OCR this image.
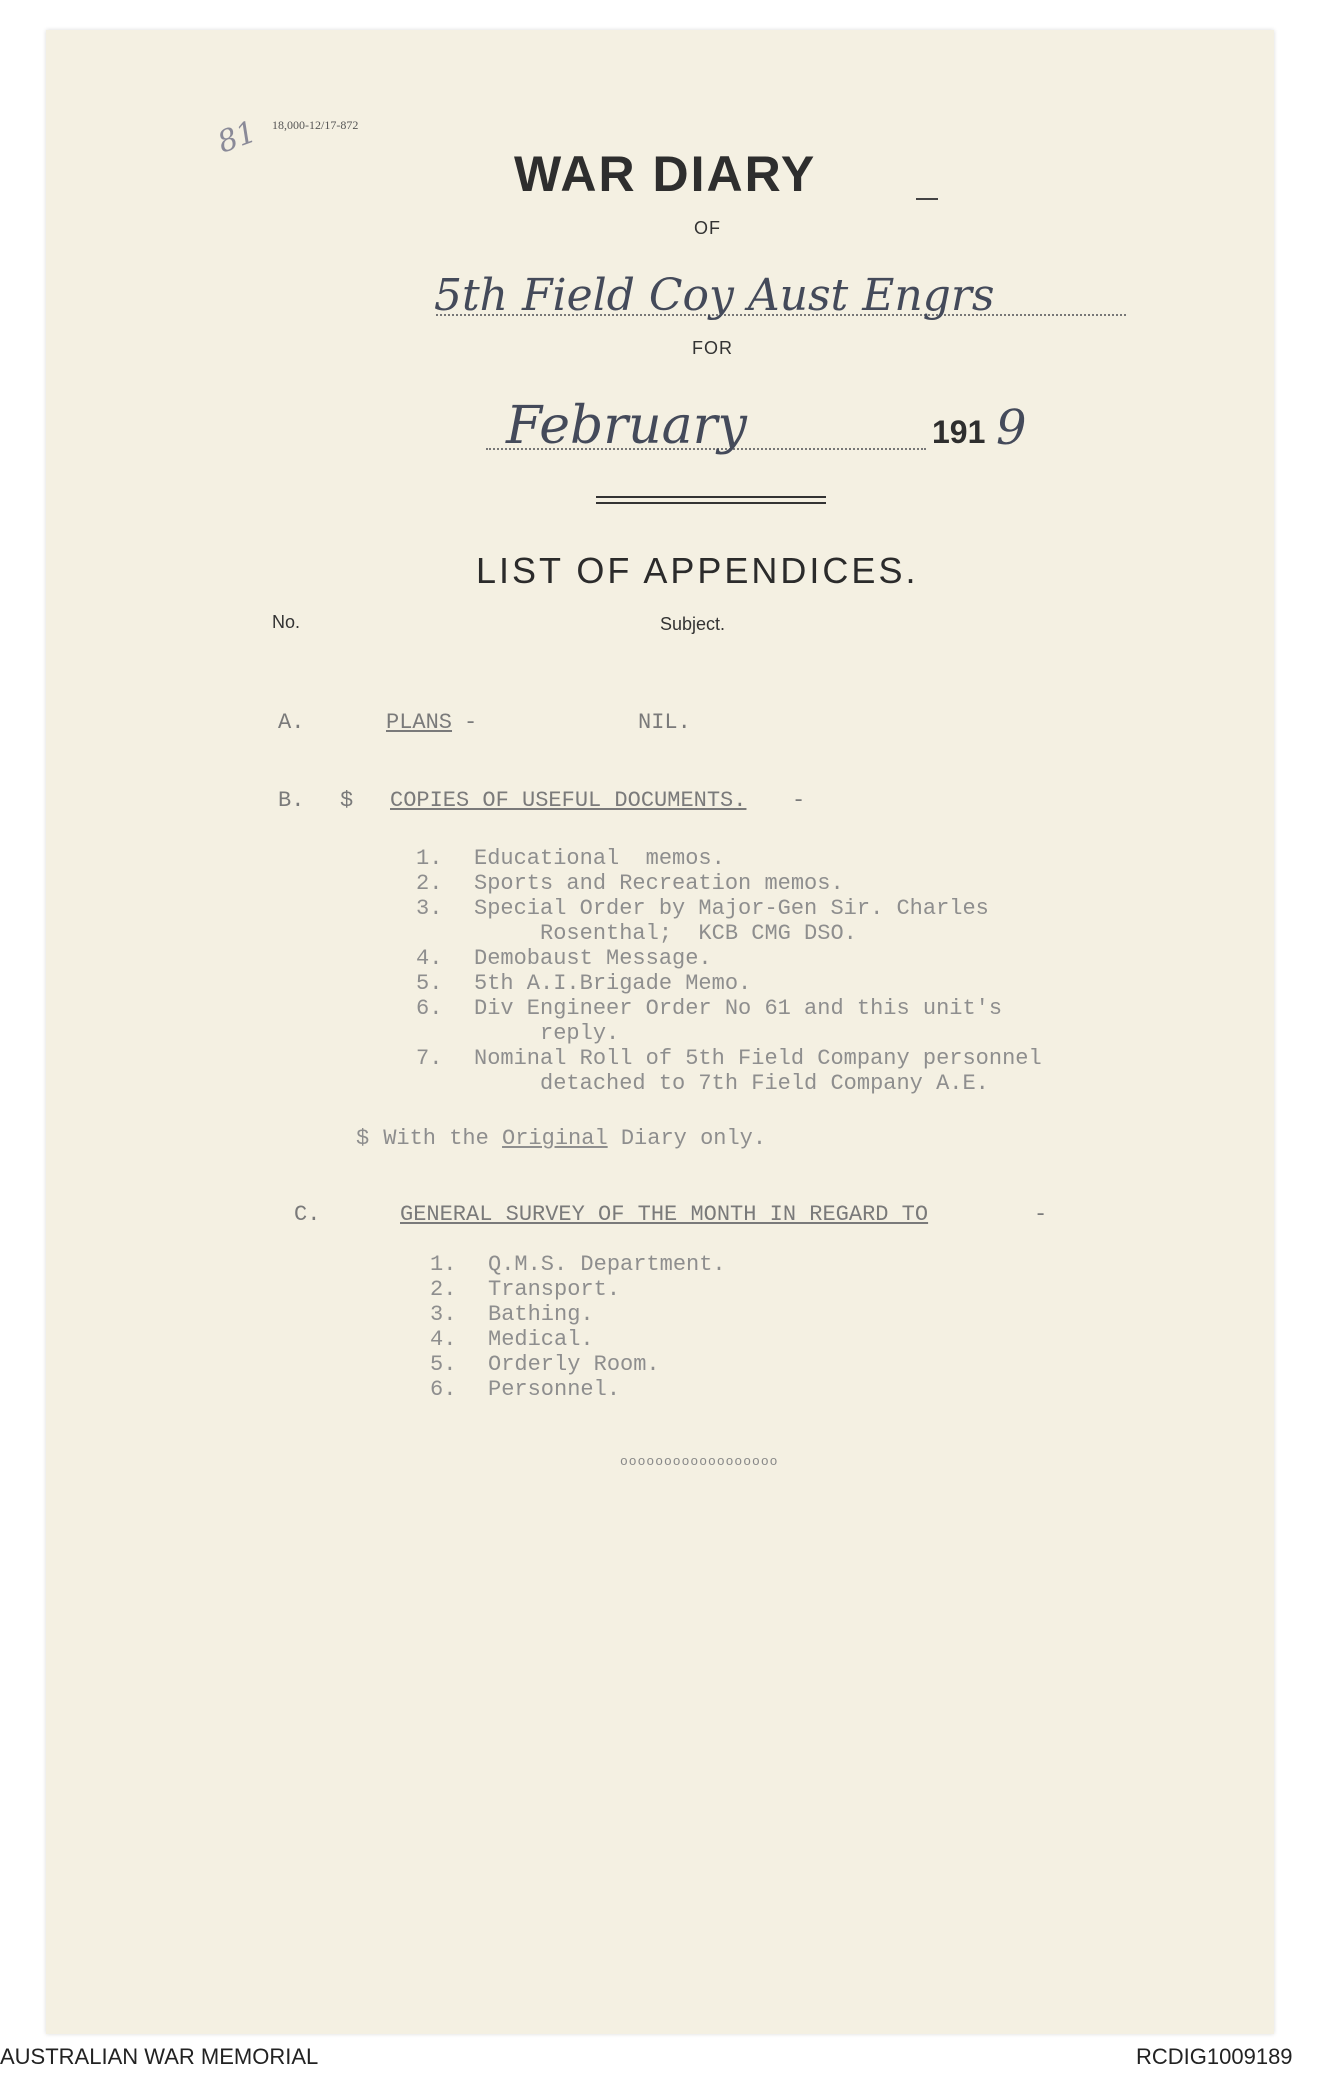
18,000-12/17-872
81
WAR DIARY
OF
5th Field Coy Aust Engrs
FOR
February	191 9
LIST OF APPENDICES.
No.	Subject.
A.	PLANS -	NIL.
B. $ COPIES OF USEFUL DOCUMENTS. -
1.	Educational  memos.
2.	Sports and Recreation memos.
3.	Special Order by Major-Gen Sir. Charles
Rosenthal;  KCB CMG DSO.
4.	Demobaust Message.
5.	5th A.I.Brigade Memo.
6.	Div Engineer Order No 61 and this unit's
reply.
7.	Nominal Roll of 5th Field Company personnel
detached to 7th Field Company A.E.
$ With the Original Diary only.
C.	GENERAL SURVEY OF THE MONTH IN REGARD TO	-
1.	Q.M.S. Department.
2.	Transport.
3.	Bathing.
4.	Medical.
5.	Orderly Room.
6.	Personnel.
oooooooooooooooooo
AUSTRALIAN WAR MEMORIAL	RCDIG1009189
